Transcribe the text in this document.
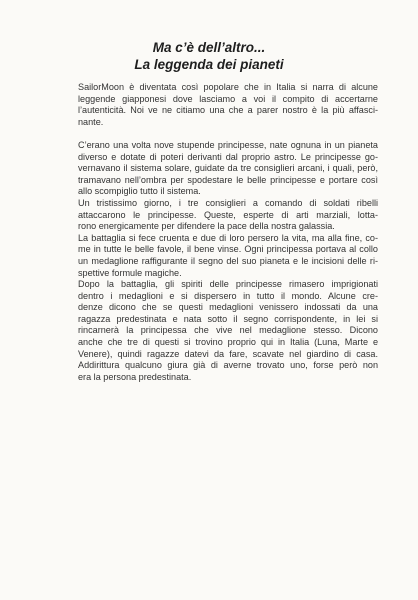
Ma c’è dell’altro...
La leggenda dei pianeti

SailorMoon è diventata così popolare che in Italia si narra di alcune
leggende giapponesi dove lasciamo a voi il compito di accertarne
l’autenticità. Noi ve ne citiamo una che a parer nostro è la più affasci-
nante.

C’erano una volta nove stupende principesse, nate ognuna in un pianeta
diverso e dotate di poteri derivanti dal proprio astro. Le principesse go-
vernavano il sistema solare, guidate da tre consiglieri arcani, i quali, però,
tramavano nell’ombra per spodestare le belle principesse e portare così
allo scompiglio tutto il sistema.

Un tristissimo giorno, i tre consiglieri a comando di soldati ribelli
attaccarono le principesse. Queste, esperte di arti marziali, lotta-
rono energicamente per difendere la pace della nostra galassia.

La battaglia si fece cruenta e due di loro persero la vita, ma alla fine, co-
me in tutte le belle favole, il bene vinse. Ogni principessa portava al collo
un medaglione raffigurante il segno del suo pianeta e le incisioni delle ri-
spettive formule magiche.

Dopo la battaglia, gli spiriti delle principesse rimasero imprigionati
dentro i medaglioni e si dispersero in tutto il mondo. Alcune cre-
denze dicono che se questi medaglioni venissero indossati da una
ragazza predestinata e nata sotto il segno corrispondente, in lei si
rincarnerà la principessa che vive nel medaglione stesso. Dicono
anche che tre di questi si trovino proprio qui in Italia (Luna, Marte e
Venere), quindi ragazze datevi da fare, scavate nel giardino di casa.
Addirittura qualcuno giura già di averne trovato uno, forse però non
era la persona predestinata.
